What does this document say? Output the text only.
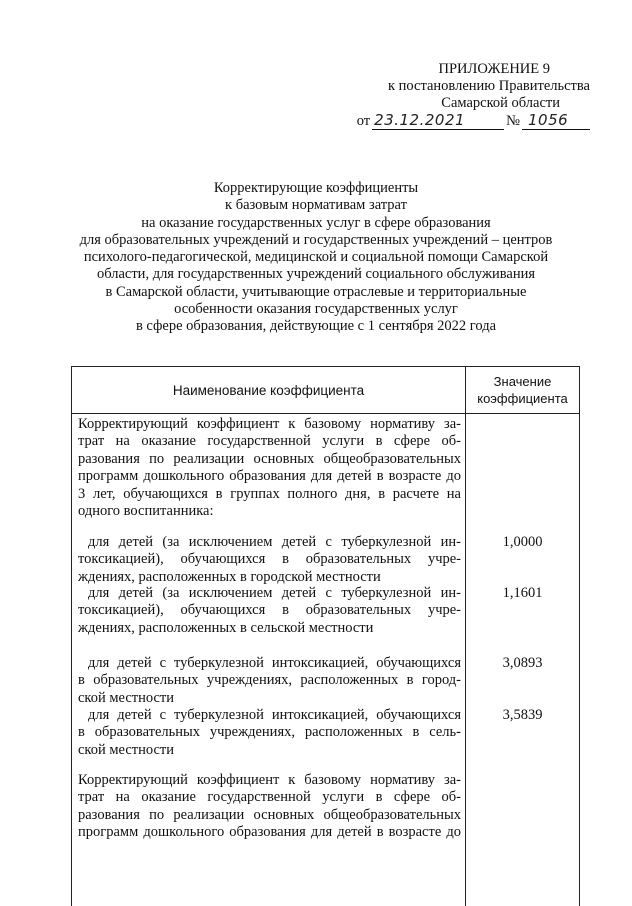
ПРИЛОЖЕНИЕ 9
к постановлению Правительства
Самарской области
от 23.12.2021	№ 1056
Корректирующие коэффициенты
к базовым нормативам затрат
на оказание государственных услуг в сфере образования
для образовательных учреждений и государственных учреждений – центров
психолого-педагогической, медицинской и социальной помощи Самарской
области, для государственных учреждений социального обслуживания
в Самарской области, учитывающие отраслевые и территориальные
особенности оказания государственных услуг
в сфере образования, действующие с 1 сентября 2022 года
Наименование коэффициента
Значение
коэффициента
Корректирующий коэффициент к базовому нормативу за-
трат на оказание государственной услуги в сфере об-
разования по реализации основных общеобразовательных
программ дошкольного образования для детей в возрасте до
3 лет, обучающихся в группах полного дня, в расчете на
одного воспитанника:
для детей (за исключением детей с туберкулезной ин-
токсикацией), обучающихся в образовательных учре-
ждениях, расположенных в городской местности
1,0000
для детей (за исключением детей с туберкулезной ин-
токсикацией), обучающихся в образовательных учре-
ждениях, расположенных в сельской местности
1,1601
для детей с туберкулезной интоксикацией, обучающихся
в образовательных учреждениях, расположенных в город-
ской местности
3,0893
для детей с туберкулезной интоксикацией, обучающихся
в образовательных учреждениях, расположенных в сель-
ской местности
3,5839
Корректирующий коэффициент к базовому нормативу за-
трат на оказание государственной услуги в сфере об-
разования по реализации основных общеобразовательных
программ дошкольного образования для детей в возрасте до
